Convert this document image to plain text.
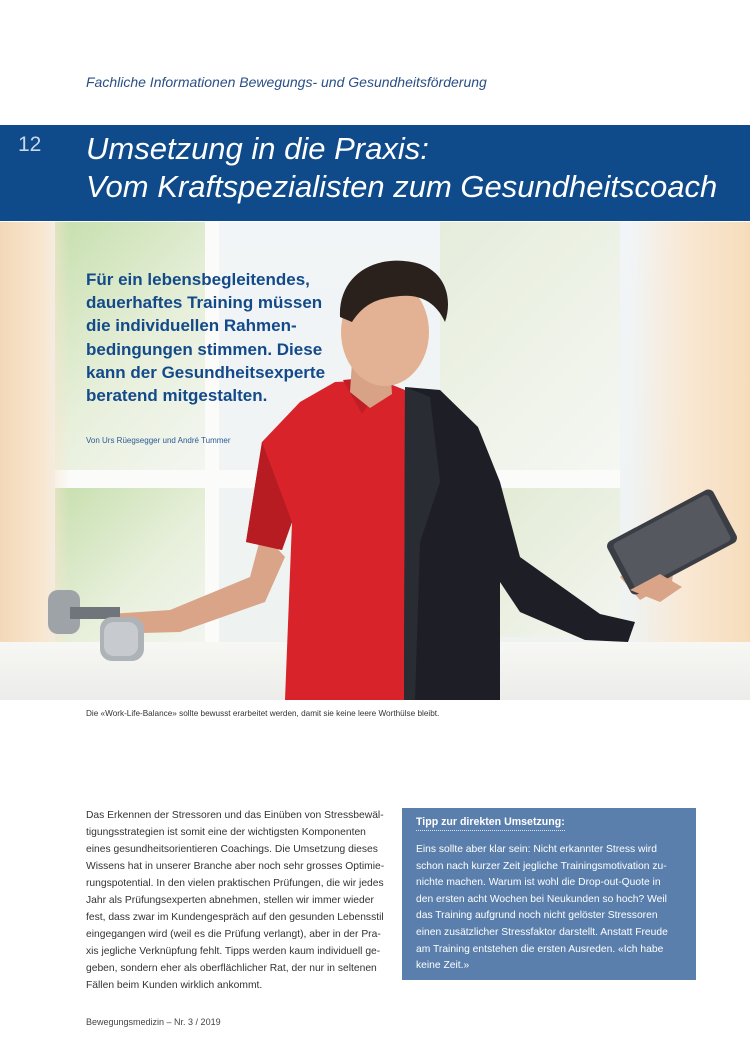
Fachliche Informationen Bewegungs- und Gesundheitsförderung
12 Umsetzung in die Praxis:
Vom Kraftspezialisten zum Gesundheitscoach
Für ein lebensbegleitendes,
dauerhaftes Training müssen
die individuellen Rahmen-
bedingungen stimmen. Diese
kann der Gesundheitsexperte
beratend mitgestalten.
Von Urs Rüegsegger und André Tummer
Die «Work-Life-Balance» sollte bewusst erarbeitet werden, damit sie keine leere Worthülse bleibt.
Das Erkennen der Stressoren und das Einüben von Stressbewäl-
tigungsstrategien ist somit eine der wichtigsten Komponenten
eines gesundheitsorientieren Coachings. Die Umsetzung dieses
Wissens hat in unserer Branche aber noch sehr grosses Optimie-
rungspotential. In den vielen praktischen Prüfungen, die wir jedes
Jahr als Prüfungsexperten abnehmen, stellen wir immer wieder
fest, dass zwar im Kundengespräch auf den gesunden Lebensstil
eingegangen wird (weil es die Prüfung verlangt), aber in der Pra-
xis jegliche Verknüpfung fehlt. Tipps werden kaum individuell ge-
geben, sondern eher als oberflächlicher Rat, der nur in seltenen
Fällen beim Kunden wirklich ankommt.
Tipp zur direkten Umsetzung:
Eins sollte aber klar sein: Nicht erkannter Stress wird
schon nach kurzer Zeit jegliche Trainingsmotivation zu-
nichte machen. Warum ist wohl die Drop-out-Quote in
den ersten acht Wochen bei Neukunden so hoch? Weil
das Training aufgrund noch nicht gelöster Stressoren
einen zusätzlicher Stressfaktor darstellt. Anstatt Freude
am Training entstehen die ersten Ausreden. «Ich habe
keine Zeit.»
Bewegungsmedizin – Nr. 3 / 2019
